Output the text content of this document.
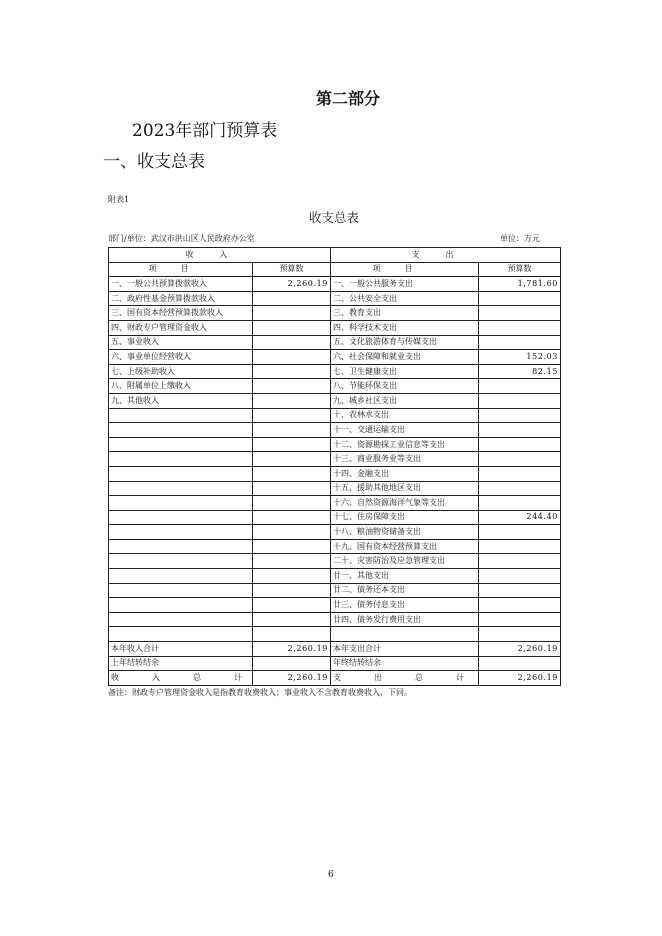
第二部分
2023年部门预算表
一、收支总表
附表1
收支总表
部门/单位：武汉市洪山区人民政府办公室	单位：万元
收入		支出	
项目	预算数	项目	预算数
一、一般公共预算拨款收入	2,260.19	一、一般公共服务支出	1,781.60
二、政府性基金预算拨款收入		二、公共安全支出	
三、国有资本经营预算拨款收入		三、教育支出	
四、财政专户管理资金收入		四、科学技术支出	
五、事业收入		五、文化旅游体育与传媒支出	
六、事业单位经营收入		六、社会保障和就业支出	152.03
七、上级补助收入		七、卫生健康支出	82.15
八、附属单位上缴收入		八、节能环保支出	
九、其他收入		九、城乡社区支出	
		十、农林水支出	
		十一、交通运输支出	
		十二、资源勘探工业信息等支出	
		十三、商业服务业等支出	
		十四、金融支出	
		十五、援助其他地区支出	
		十六、自然资源海洋气象等支出	
		十七、住房保障支出	244.40
		十八、粮油物资储备支出	
		十九、国有资本经营预算支出	
		二十、灾害防治及应急管理支出	
		廿一、其他支出	
		廿二、债务还本支出	
		廿三、债务付息支出	
		廿四、债务发行费用支出	

本年收入合计	2,260.19	本年支出合计	2,260.19
上年结转结余		年终结转结余	
收入总计	2,260.19	支出总计	2,260.19
备注：财政专户管理资金收入是指教育收费收入；事业收入不含教育收费收入，下同。
6
